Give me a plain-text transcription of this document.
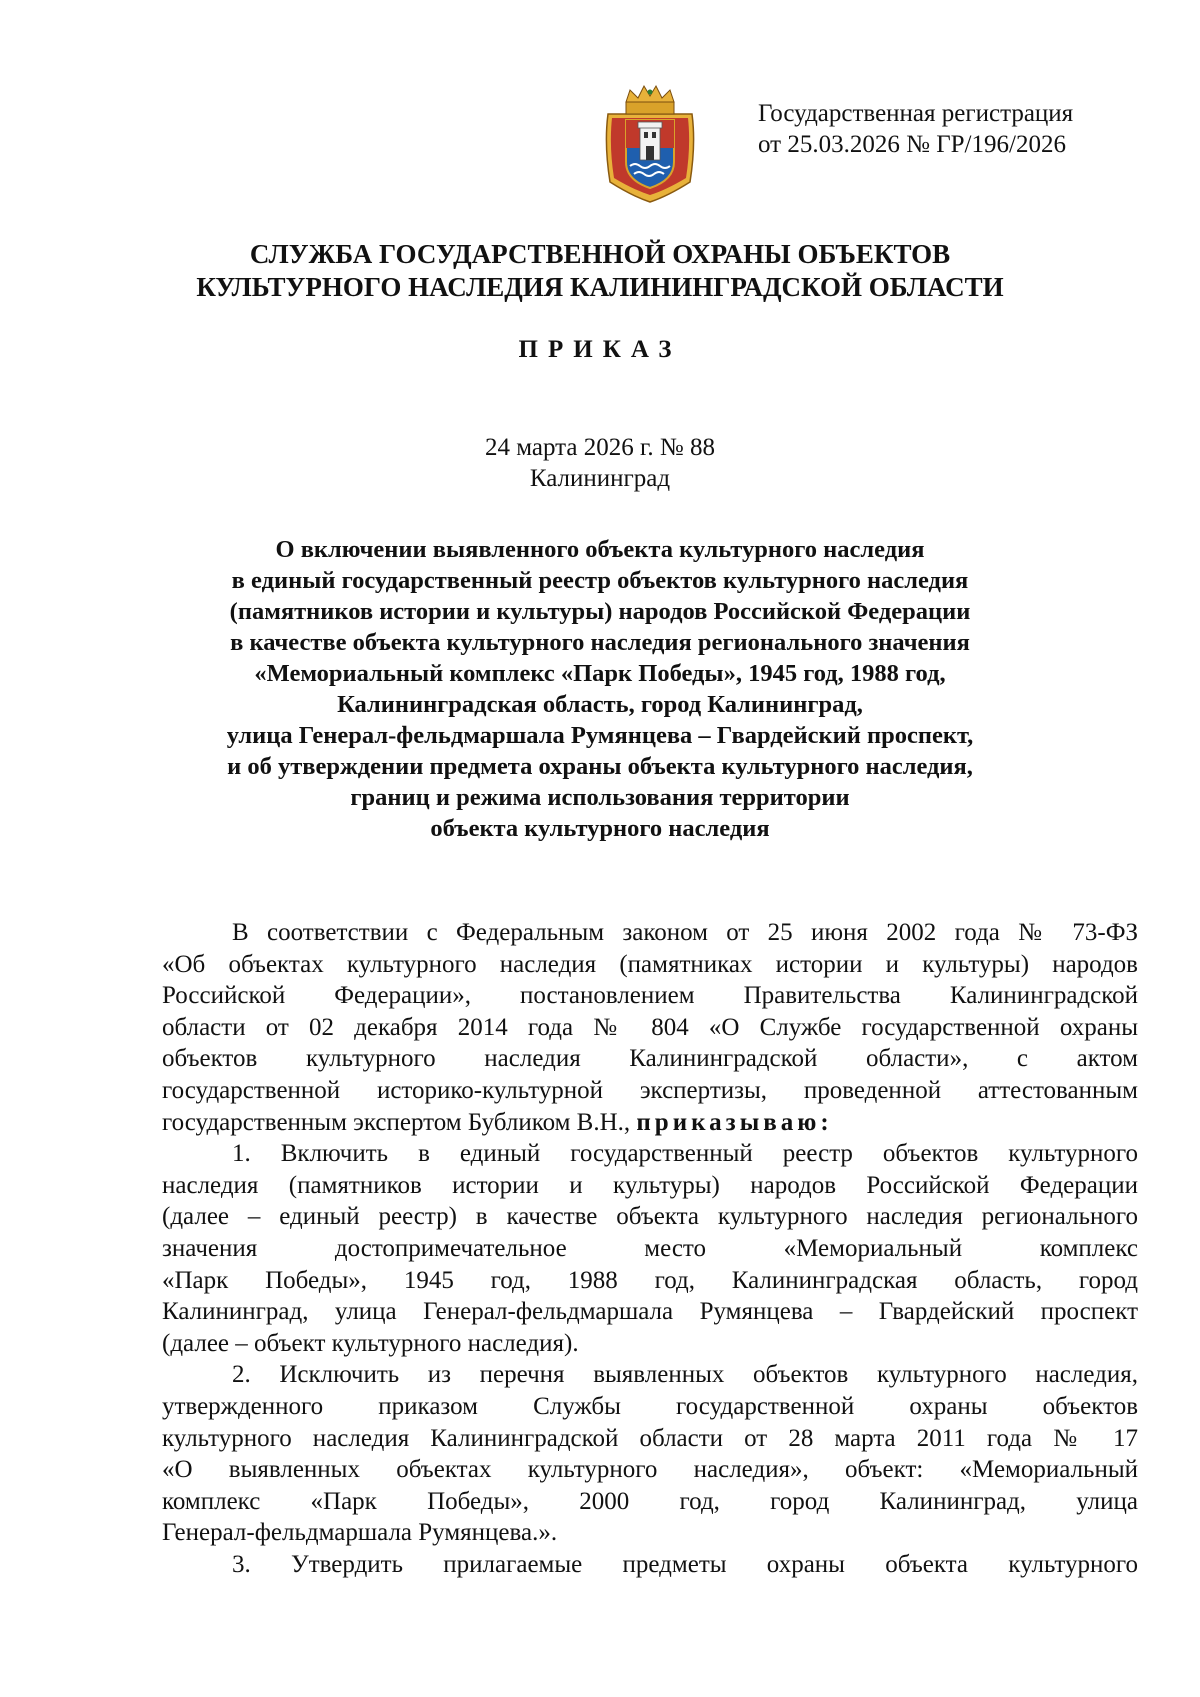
Государственная регистрация
от 25.03.2026 № ГР/196/2026
СЛУЖБА ГОСУДАРСТВЕННОЙ ОХРАНЫ ОБЪЕКТОВ
КУЛЬТУРНОГО НАСЛЕДИЯ КАЛИНИНГРАДСКОЙ ОБЛАСТИ
ПРИКАЗ
24 марта 2026 г. № 88
Калининград
О включении выявленного объекта культурного наследия
в единый государственный реестр объектов культурного наследия
(памятников истории и культуры) народов Российской Федерации
в качестве объекта культурного наследия регионального значения
«Мемориальный комплекс «Парк Победы», 1945 год, 1988 год,
Калининградская область, город Калининград,
улица Генерал-фельдмаршала Румянцева – Гвардейский проспект,
и об утверждении предмета охраны объекта культурного наследия,
границ и режима использования территории
объекта культурного наследия
В соответствии с Федеральным законом от 25 июня 2002 года № 73-ФЗ
«Об объектах культурного наследия (памятниках истории и культуры) народов
Российской Федерации», постановлением Правительства Калининградской
области от 02 декабря 2014 года № 804 «О Службе государственной охраны
объектов культурного наследия Калининградской области», с актом
государственной историко-культурной экспертизы, проведенной аттестованным
государственным экспертом Бубликом В.Н., приказываю:
1. Включить в единый государственный реестр объектов культурного
наследия (памятников истории и культуры) народов Российской Федерации
(далее – единый реестр) в качестве объекта культурного наследия регионального
значения достопримечательное место «Мемориальный комплекс
«Парк Победы», 1945 год, 1988 год, Калининградская область, город
Калининград, улица Генерал-фельдмаршала Румянцева – Гвардейский проспект
(далее – объект культурного наследия).
2. Исключить из перечня выявленных объектов культурного наследия,
утвержденного приказом Службы государственной охраны объектов
культурного наследия Калининградской области от 28 марта 2011 года № 17
«О выявленных объектах культурного наследия», объект: «Мемориальный
комплекс «Парк Победы», 2000 год, город Калининград, улица
Генерал-фельдмаршала Румянцева.».
3. Утвердить прилагаемые предметы охраны объекта культурного
